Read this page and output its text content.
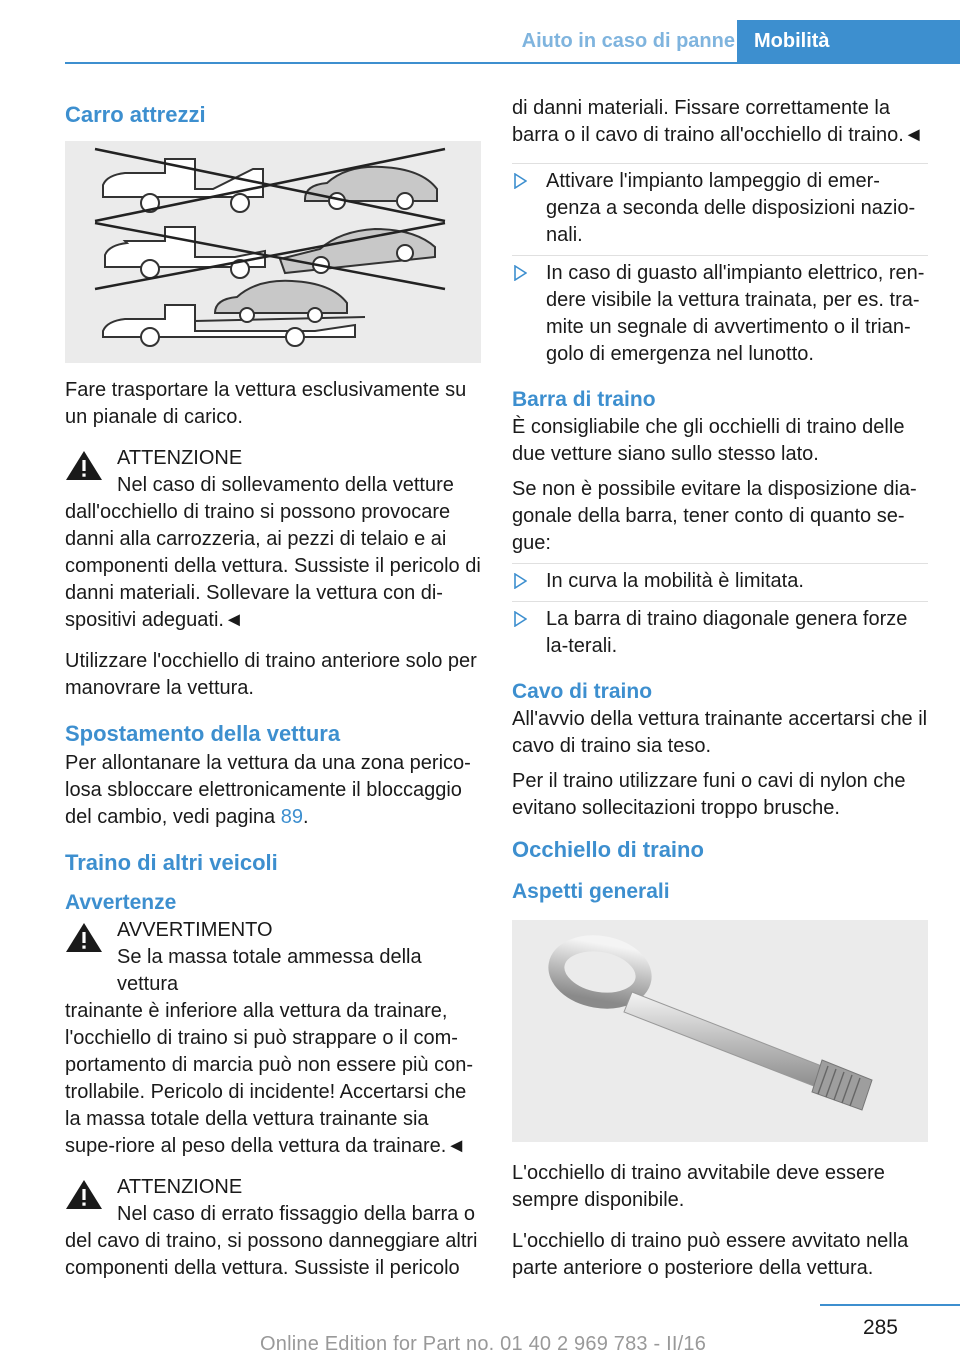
Aiuto in caso di panne Mobilità
Carro attrezzi

Fare trasportare la vettura esclusivamente su un pianale di carico.

ATTENZIONE
Nel caso di sollevamento della vetture
dall'occhiello di traino si possono provocare danni alla carrozzeria, ai pezzi di telaio e ai componenti della vettura. Sussiste il pericolo di danni materiali. Sollevare la vettura con di-spositivi adeguati.◄

Utilizzare l'occhiello di traino anteriore solo per manovrare la vettura.

Spostamento della vettura

Per allontanare la vettura da una zona perico-losa sbloccare elettronicamente il bloccaggio del cambio, vedi pagina 89.

Traino di altri veicoli
Avvertenze
AVVERTIMENTO
Se la massa totale ammessa della vettura
trainante è inferiore alla vettura da trainare, l'occhiello di traino si può strappare o il com-portamento di marcia può non essere più con-trollabile. Pericolo di incidente! Accertarsi che la massa totale della vettura trainante sia supe-riore al peso della vettura da trainare.◄
ATTENZIONE
Nel caso di errato fissaggio della barra o
del cavo di traino, si possono danneggiare altri componenti della vettura. Sussiste il pericolo

di danni materiali. Fissare correttamente la barra o il cavo di traino all'occhiello di traino.◄

Attivare l'impianto lampeggio di emer-genza a seconda delle disposizioni nazio-nali.
In caso di guasto all'impianto elettrico, ren-dere visibile la vettura trainata, per es. tra-mite un segnale di avvertimento o il trian-golo di emergenza nel lunotto.
Barra di traino

È consigliabile che gli occhielli di traino delle due vetture siano sullo stesso lato.

Se non è possibile evitare la disposizione dia-gonale della barra, tener conto di quanto se-gue:

In curva la mobilità è limitata.
La barra di traino diagonale genera forze la-terali.
Cavo di traino

All'avvio della vettura trainante accertarsi che il cavo di traino sia teso.

Per il traino utilizzare funi o cavi di nylon che evitano sollecitazioni troppo brusche.

Occhiello di traino
Aspetti generali

L'occhiello di traino avvitabile deve essere sempre disponibile.

L'occhiello di traino può essere avvitato nella parte anteriore o posteriore della vettura.

285
Online Edition for Part no. 01 40 2 969 783 - II/16
